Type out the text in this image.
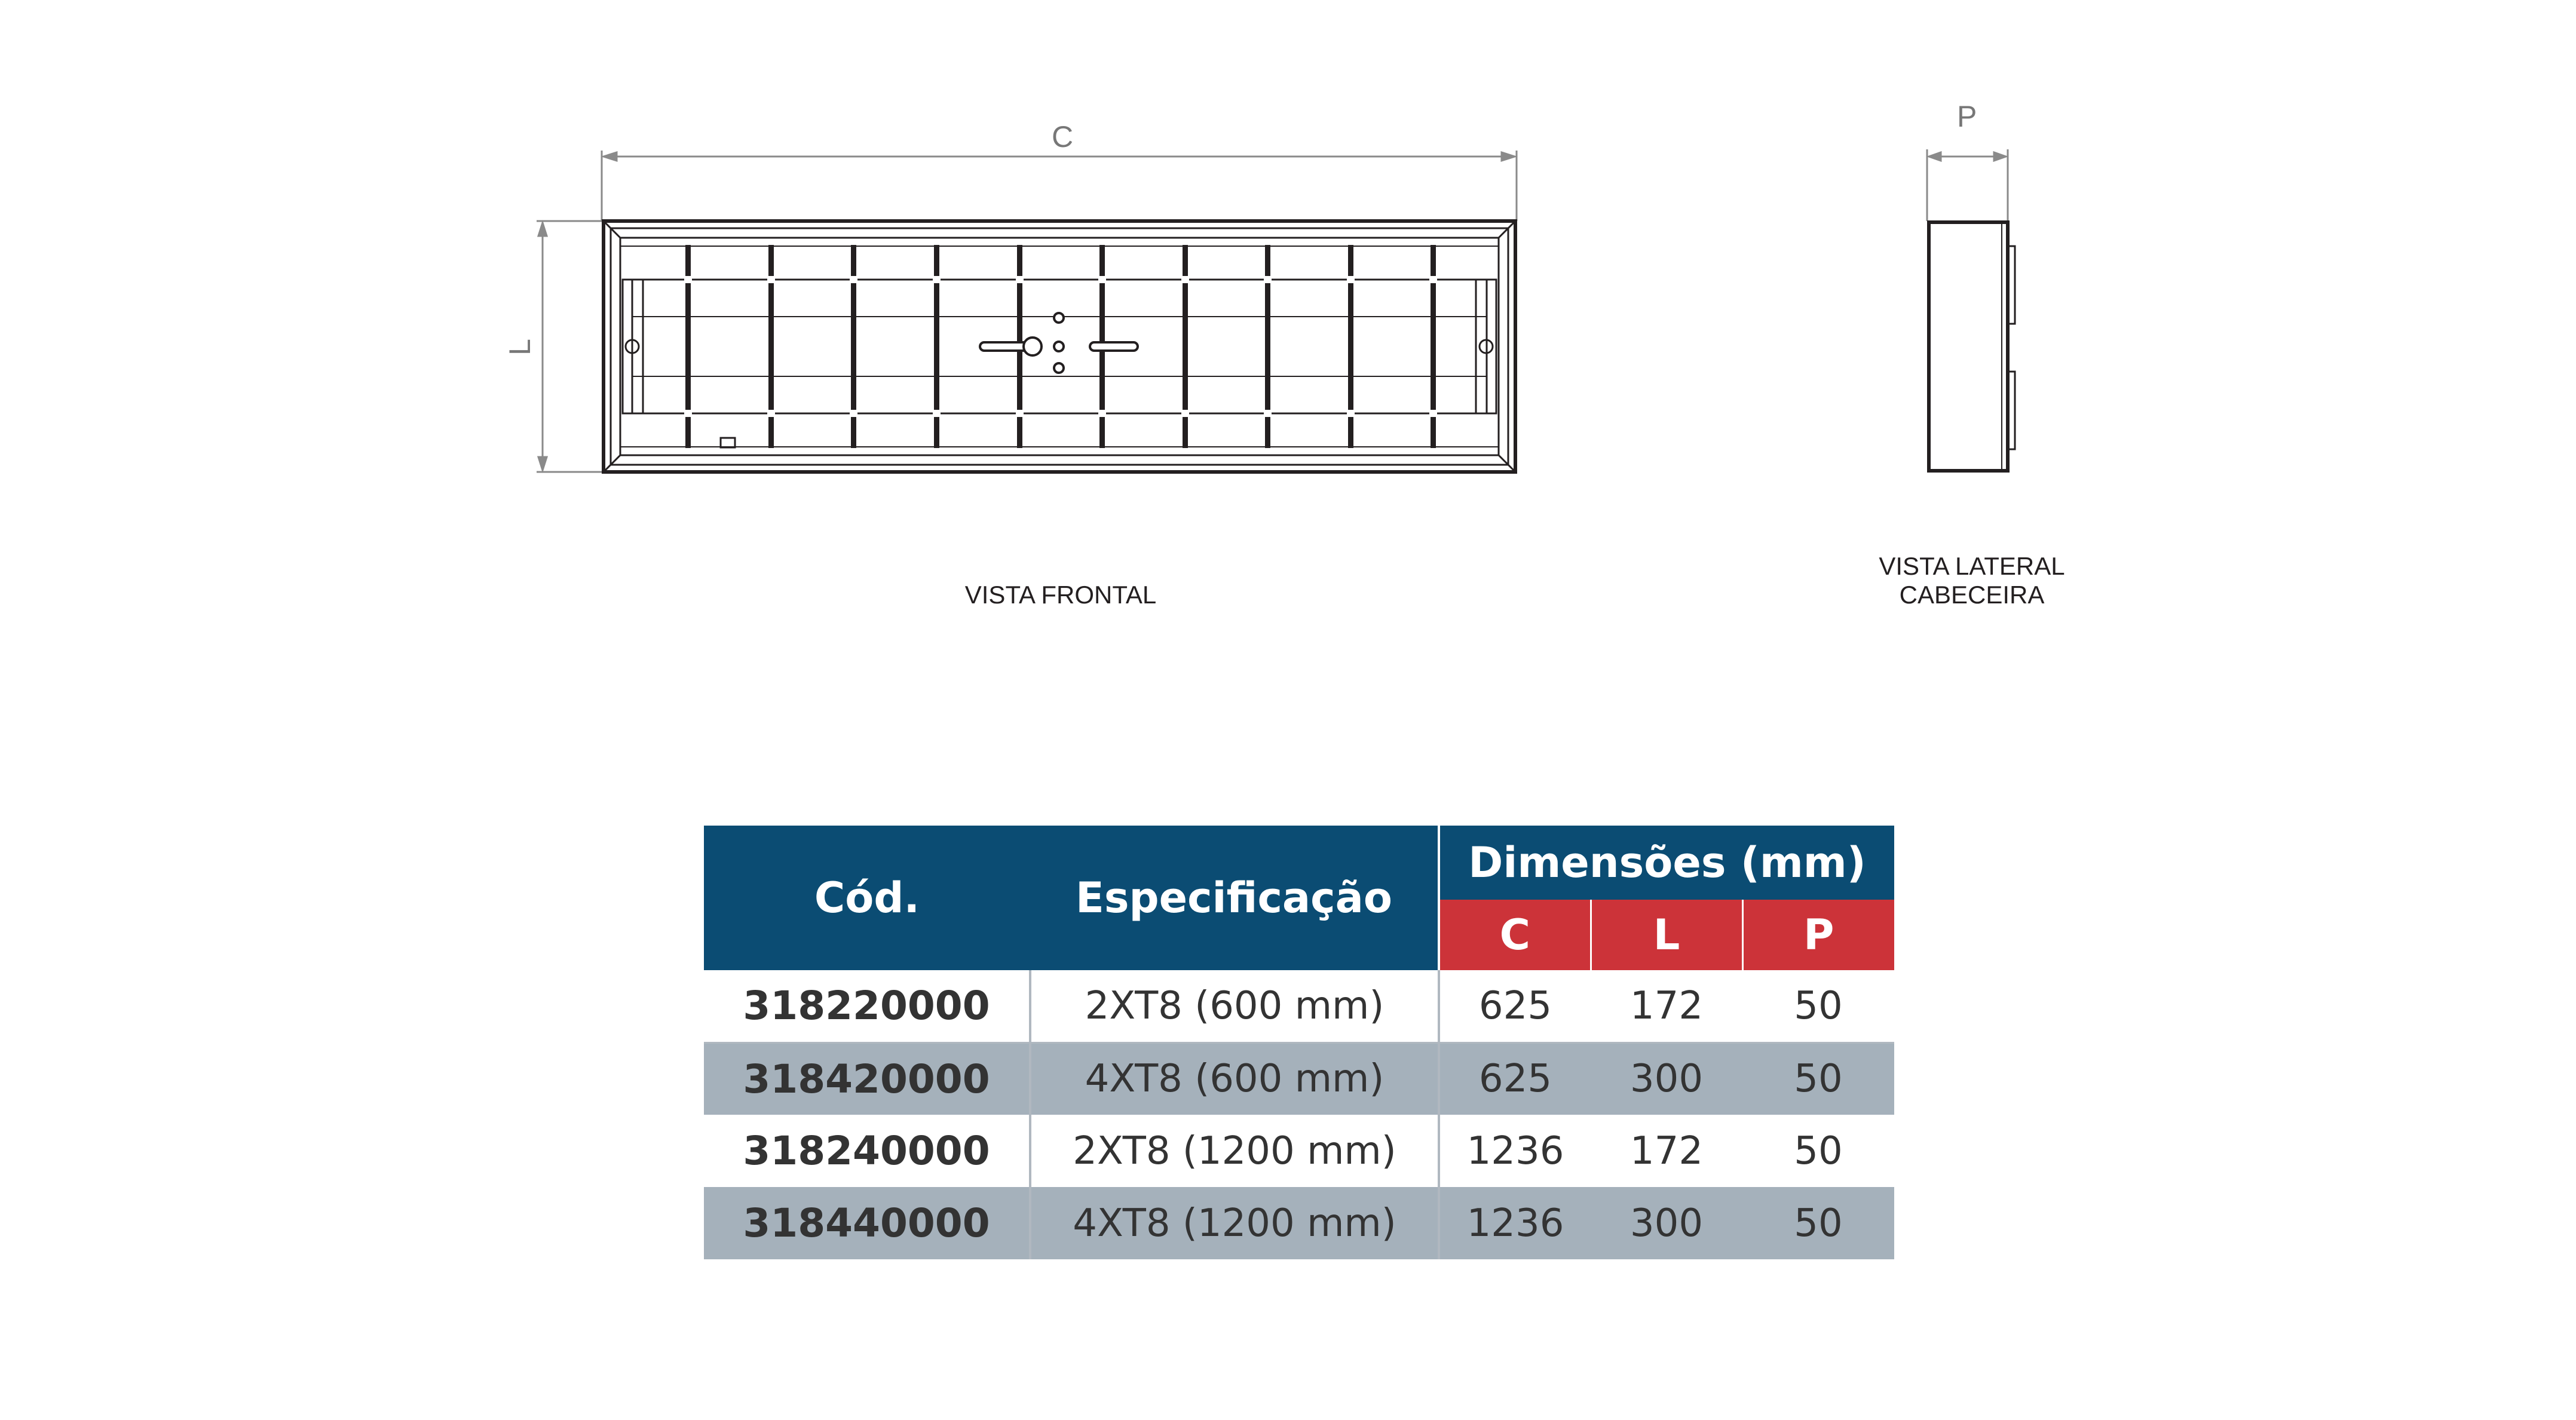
C
L
P
VISTA FRONTAL
VISTA LATERAL
CABECEIRA
Cód.	Especificação	Dimensões (mm)		
		C	L	P
318220000	2XT8 (600 mm)	625	172	50
318420000	4XT8 (600 mm)	625	300	50
318240000	2XT8 (1200 mm)	1236	172	50
318440000	4XT8 (1200 mm)	1236	300	50
